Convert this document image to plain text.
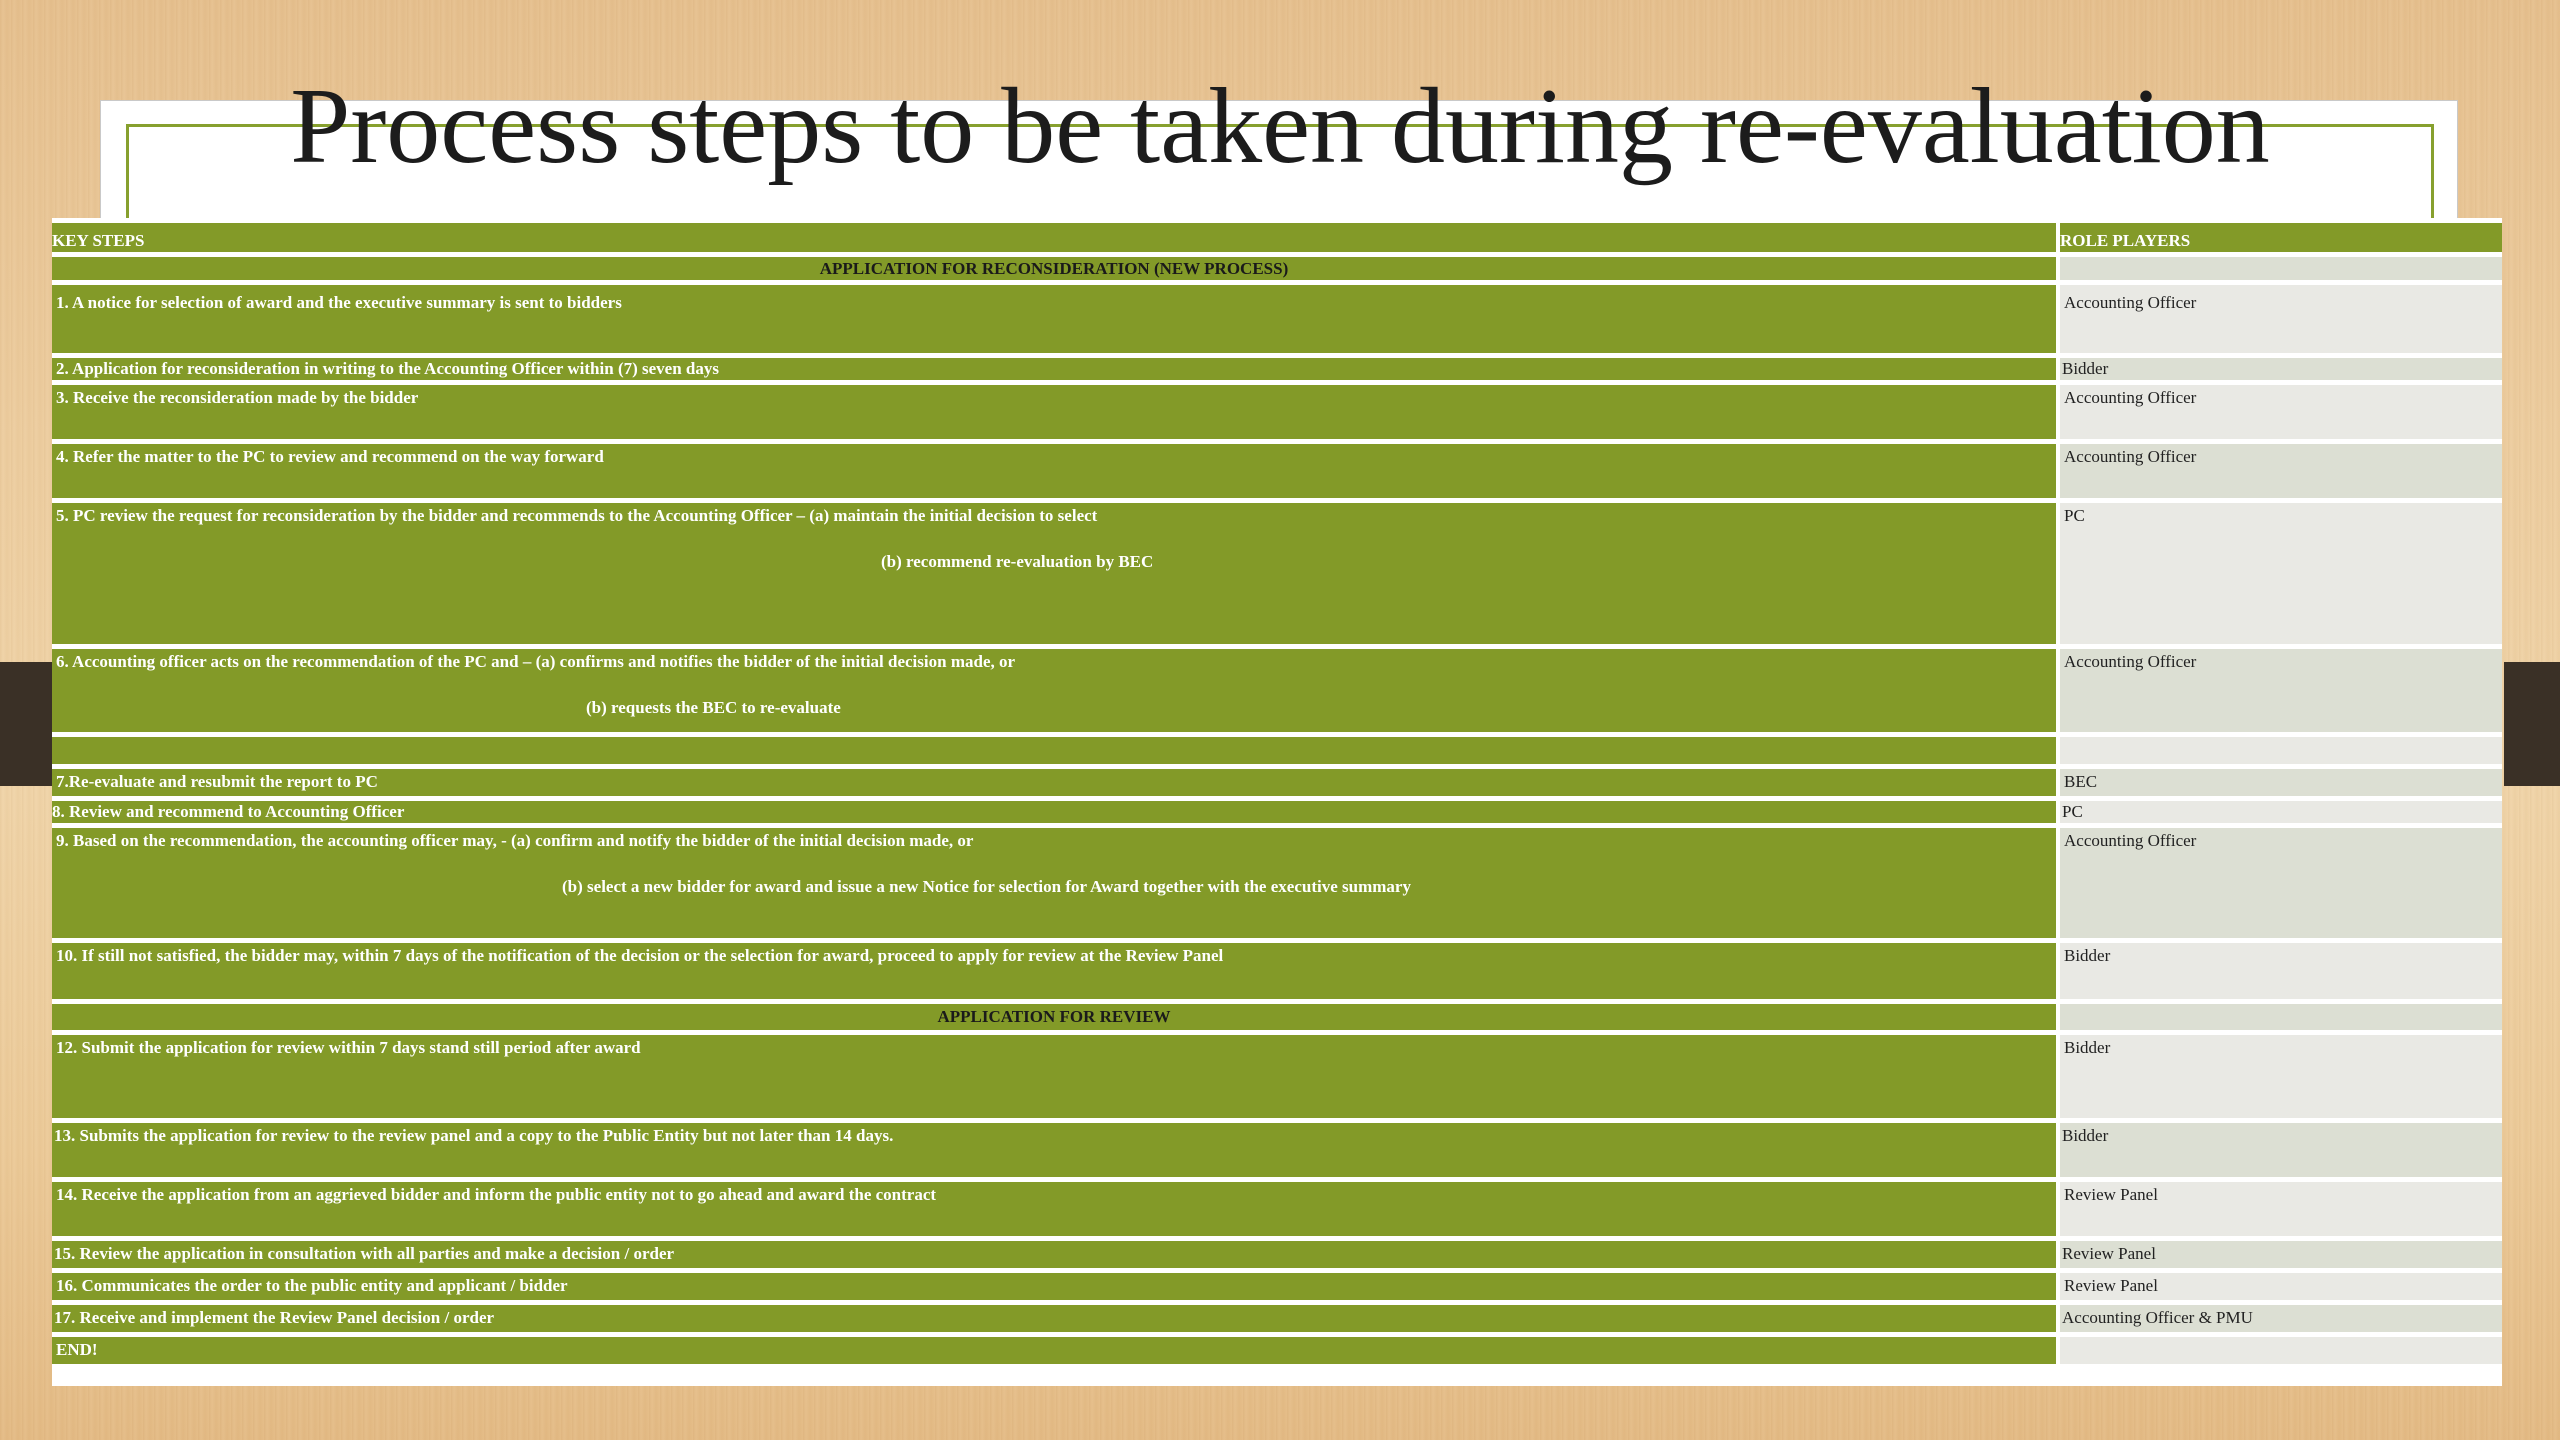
Process steps to be taken during re-evaluation
KEY STEPS		ROLE PLAYERS

APPLICATION FOR RECONSIDERATION (NEW PROCESS)		

1. A notice for selection of award and the executive summary is sent to bidders		Accounting Officer

2. Application for reconsideration in writing to the Accounting Officer within (7) seven days		Bidder

3. Receive the reconsideration made by the bidder		Accounting Officer

4. Refer the matter to the PC to review and recommend on the way forward		Accounting Officer

5. PC review the request for reconsideration by the bidder and recommends to the Accounting Officer – (a) maintain the initial decision to select
(b) recommend re-evaluation by BEC		PC

6. Accounting officer acts on the recommendation of the PC and – (a) confirms and notifies the bidder of the initial decision made, or
(b) requests the BEC to re-evaluate		Accounting Officer

7.Re-evaluate and resubmit the report to PC		BEC

8. Review and recommend to Accounting Officer		PC

9. Based on the recommendation, the accounting officer may, - (a) confirm and notify the bidder of the initial decision made, or
(b) select a new bidder for award and issue a new Notice for selection for Award together with the executive summary		Accounting Officer

10. If still not satisfied, the bidder may, within 7 days of the notification of the decision or the selection for award, proceed to apply for review at the Review Panel		Bidder

APPLICATION FOR REVIEW		

12. Submit the application for review within 7 days stand still period after award		Bidder

13. Submits the application for review to the review panel and a copy to the Public Entity but not later than 14 days.		Bidder

14. Receive the application from an aggrieved bidder and inform the public entity not to go ahead and award the contract		Review Panel

15. Review the application in consultation with all parties and make a decision / order		Review Panel

16. Communicates the order to the public entity and applicant / bidder		Review Panel

17. Receive and implement the Review Panel decision / order		Accounting Officer & PMU

END!		
